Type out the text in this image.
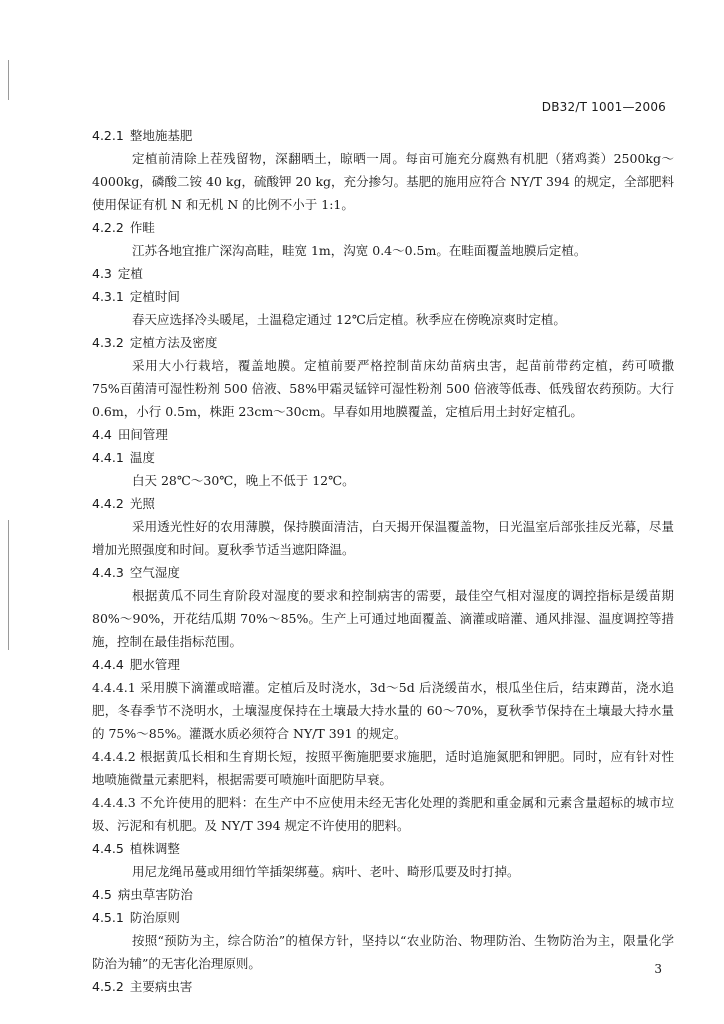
DB32/T 1001—2006
4.2.1 整地施基肥
定植前清除上茬残留物，深翻晒土，晾晒一周。每亩可施充分腐熟有机肥（猪鸡粪）2500kg～4000kg，磷酸二铵 40 kg，硫酸钾 20 kg，充分掺匀。基肥的施用应符合 NY/T 394 的规定，全部肥料使用保证有机 N 和无机 N 的比例不小于 1:1。
4.2.2 作畦
江苏各地宜推广深沟高畦，畦宽 1m，沟宽 0.4～0.5m。在畦面覆盖地膜后定植。
4.3 定植
4.3.1 定植时间
春天应选择冷头暖尾，土温稳定通过 12℃后定植。秋季应在傍晚凉爽时定植。
4.3.2 定植方法及密度
采用大小行栽培，覆盖地膜。定植前要严格控制苗床幼苗病虫害，起苗前带药定植，药可喷撒 75%百菌清可湿性粉剂 500 倍液、58%甲霜灵锰锌可湿性粉剂 500 倍液等低毒、低残留农药预防。大行 0.6m，小行 0.5m，株距 23cm～30cm。早春如用地膜覆盖，定植后用土封好定植孔。
4.4 田间管理
4.4.1 温度
白天 28℃～30℃，晚上不低于 12℃。
4.4.2 光照
采用透光性好的农用薄膜，保持膜面清洁，白天揭开保温覆盖物，日光温室后部张挂反光幕，尽量增加光照强度和时间。夏秋季节适当遮阳降温。
4.4.3 空气湿度
根据黄瓜不同生育阶段对湿度的要求和控制病害的需要，最佳空气相对湿度的调控指标是缓苗期 80%～90%，开花结瓜期 70%～85%。生产上可通过地面覆盖、滴灌或暗灌、通风排湿、温度调控等措施，控制在最佳指标范围。
4.4.4 肥水管理
4.4.4.1 采用膜下滴灌或暗灌。定植后及时浇水，3d～5d 后浇缓苗水，根瓜坐住后，结束蹲苗，浇水追肥，冬春季节不浇明水，土壤湿度保持在土壤最大持水量的 60～70%，夏秋季节保持在土壤最大持水量的 75%～85%。灌溉水质必须符合 NY/T 391 的规定。
4.4.4.2 根据黄瓜长相和生育期长短，按照平衡施肥要求施肥，适时追施氮肥和钾肥。同时，应有针对性地喷施微量元素肥料，根据需要可喷施叶面肥防早衰。
4.4.4.3 不允许使用的肥料：在生产中不应使用未经无害化处理的粪肥和重金属和元素含量超标的城市垃圾、污泥和有机肥。及 NY/T 394 规定不许使用的肥料。
4.4.5 植株调整
用尼龙绳吊蔓或用细竹竿插架绑蔓。病叶、老叶、畸形瓜要及时打掉。
4.5 病虫草害防治
4.5.1 防治原则
按照“预防为主，综合防治”的植保方针，坚持以“农业防治、物理防治、生物防治为主，限量化学防治为辅”的无害化治理原则。
4.5.2 主要病虫害
3
